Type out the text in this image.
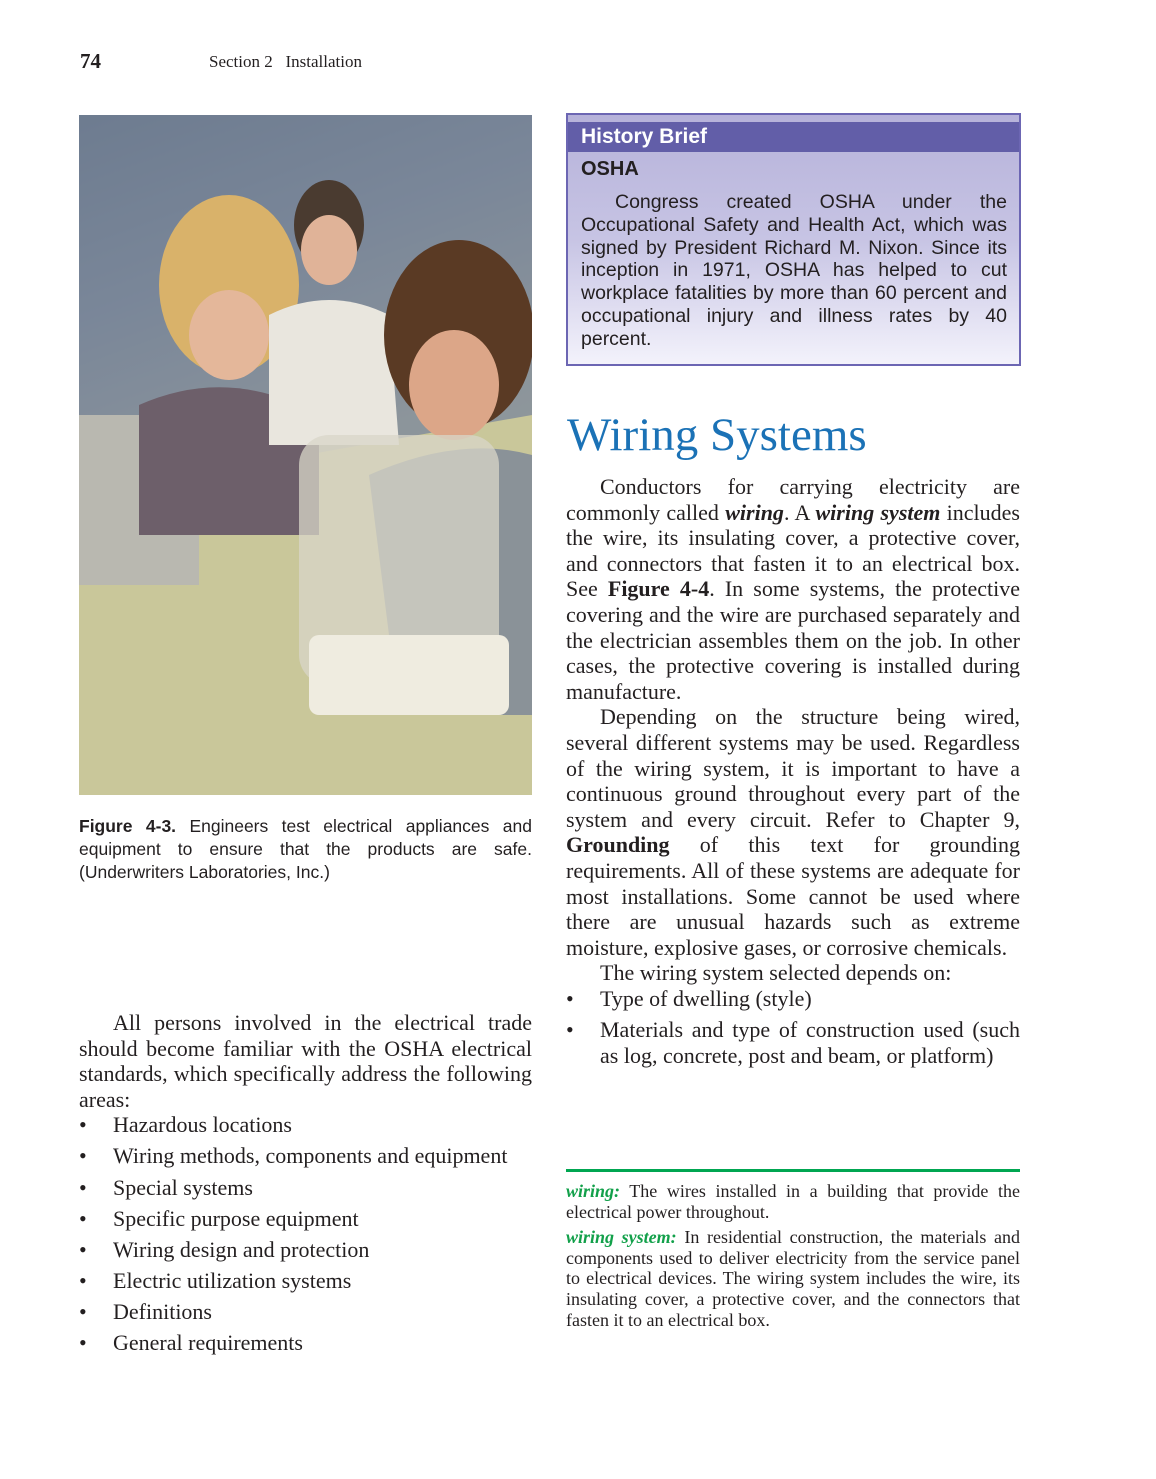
74	Section 2   Installation
Figure 4-3. Engineers test electrical appliances and equipment to ensure that the products are safe. (Underwriters Laboratories, Inc.)

All persons involved in the electrical trade should become familiar with the OSHA electrical standards, which specifically address the following areas:

• Hazardous locations
• Wiring methods, components and equipment
• Special systems
• Specific purpose equipment
• Wiring design and protection
• Electric utilization systems
• Definitions
• General requirements
History Brief
OSHA

Congress created OSHA under the Occupational Safety and Health Act, which was signed by President Richard M. Nixon. Since its inception in 1971, OSHA has helped to cut workplace fatalities by more than 60 percent and occupational injury and illness rates by 40 percent.

Wiring Systems

Conductors for carrying electricity are commonly called wiring. A wiring system includes the wire, its insulating cover, a protective cover, and connectors that fasten it to an electrical box. See Figure 4-4. In some systems, the protective covering and the wire are purchased separately and the electrician assembles them on the job. In other cases, the protective covering is installed during manufacture.

Depending on the structure being wired, several different systems may be used. Regardless of the wiring system, it is important to have a continuous ground throughout every part of the system and every circuit. Refer to Chapter 9, Grounding of this text for grounding requirements. All of these systems are adequate for most installations. Some cannot be used where there are unusual hazards such as extreme moisture, explosive gases, or corrosive chemicals.

The wiring system selected depends on:

• Type of dwelling (style)
• Materials and type of construction used (such as log, concrete, post and beam, or platform)

wiring: The wires installed in a building that provide the electrical power throughout.

wiring system: In residential construction, the materials and components used to deliver electricity from the service panel to electrical devices. The wiring system includes the wire, its insulating cover, a protective cover, and the connectors that fasten it to an electrical box.
